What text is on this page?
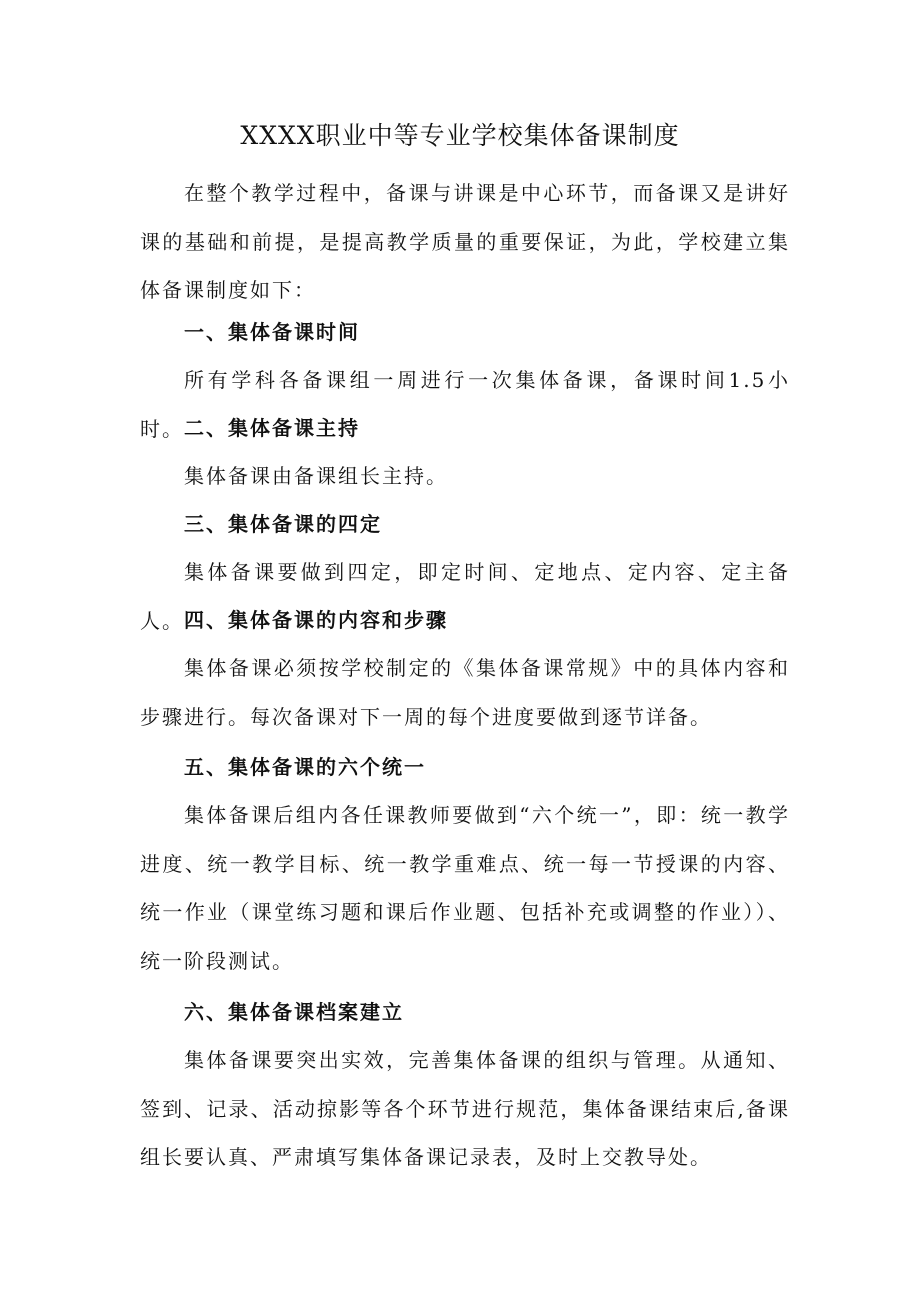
XXXX职业中等专业学校集体备课制度

在整个教学过程中，备课与讲课是中心环节，而备课又是讲好课的基础和前提，是提高教学质量的重要保证，为此，学校建立集体备课制度如下：

一、集体备课时间

所有学科各备课组一周进行一次集体备课，备课时间1.5小时。 二、集体备课主持

集体备课由备课组长主持。

三、集体备课的四定

集体备课要做到四定，即定时间、定地点、定内容、定主备人。 四、集体备课的内容和步骤

集体备课必须按学校制定的《集体备课常规》中的具体内容和步骤进行。每次备课对下一周的每个进度要做到逐节详备。

五、集体备课的六个统一

集体备课后组内各任课教师要做到“六个统一”，即：统一教学进度、统一教学目标、统一教学重难点、统一每一节授课的内容、统一作业（课堂练习题和课后作业题、包括补充或调整的作业））、统一阶段测试。

六、集体备课档案建立

集体备课要突出实效，完善集体备课的组织与管理。从通知、签到、记录、活动掠影等各个环节进行规范，集体备课结束后,备课组长要认真、严肃填写集体备课记录表，及时上交教导处。
